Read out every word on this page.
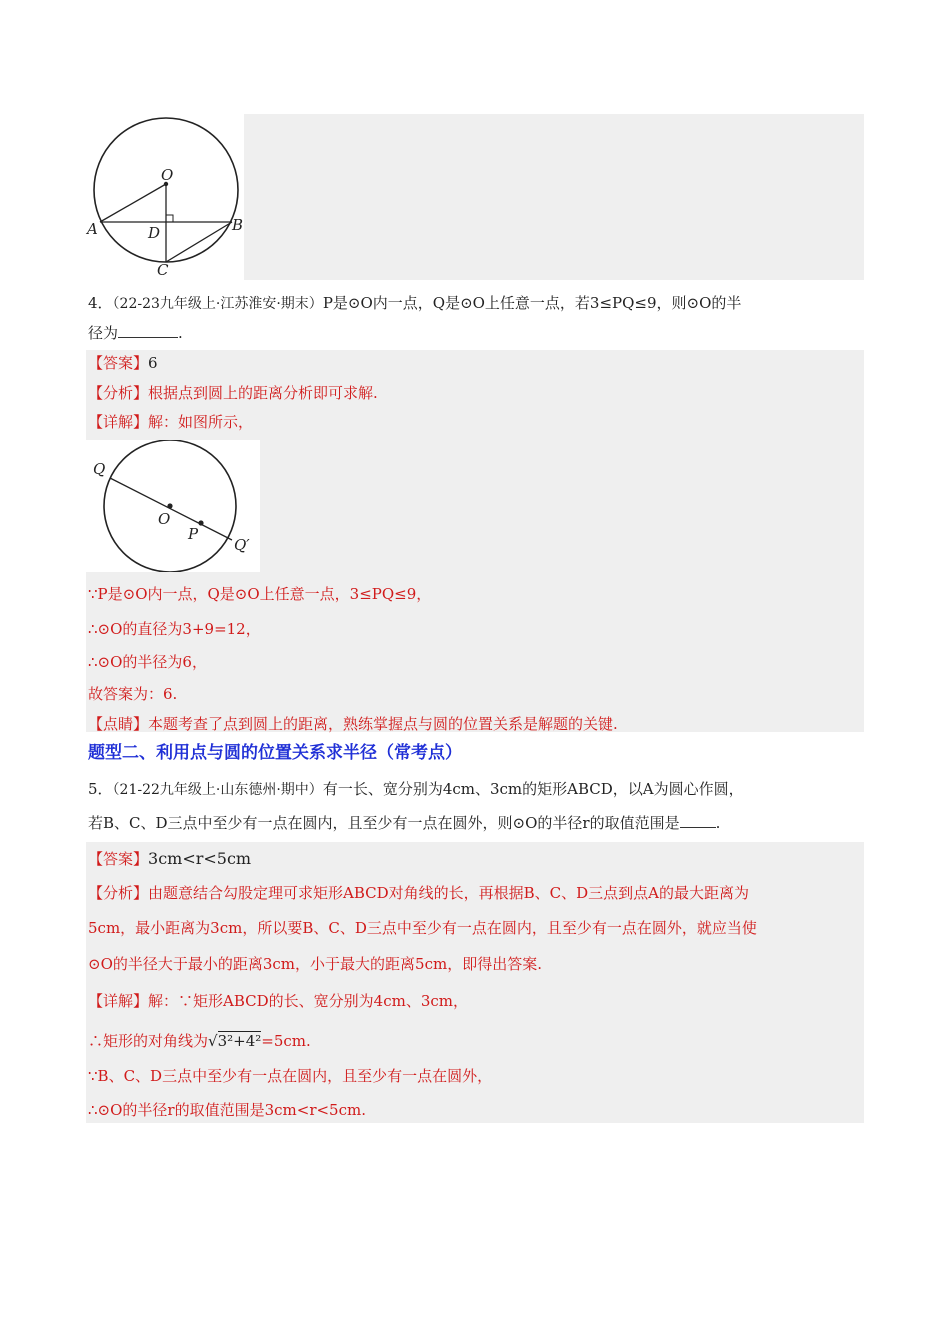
O
A	B
C
D
4．（22-23九年级上·江苏淮安·期末）P是⊙O内一点，Q是⊙O上任意一点，若3≤PQ≤9，则⊙O的半
径为	.
【答案】6
【分析】根据点到圆上的距离分析即可求解.
【详解】解：如图所示，
Q
O
P
Q′
∵P是⊙O内一点，Q是⊙O上任意一点，3≤PQ≤9，
∴⊙O的直径为3+9=12，
∴⊙O的半径为6，
故答案为：6.
【点睛】本题考查了点到圆上的距离，熟练掌握点与圆的位置关系是解题的关键.
题型二、利用点与圆的位置关系求半径（常考点）
5．（21-22九年级上·山东德州·期中）有一长、宽分别为4cm、3cm的矩形ABCD，以A为圆心作圆，
若B、C、D三点中至少有一点在圆内，且至少有一点在圆外，则⊙O的半径r的取值范围是 .
【答案】3cm<r<5cm
【分析】由题意结合勾股定理可求矩形ABCD对角线的长，再根据B、C、D三点到点A的最大距离为
5cm，最小距离为3cm，所以要B、C、D三点中至少有一点在圆内，且至少有一点在圆外，就应当使
⊙O的半径大于最小的距离3cm，小于最大的距离5cm，即得出答案.
【详解】解：∵矩形ABCD的长、宽分别为4cm、3cm，
∴矩形的对角线为√3²+4²=5cm.
∵B、C、D三点中至少有一点在圆内，且至少有一点在圆外，
∴⊙O的半径r的取值范围是3cm<r<5cm.
